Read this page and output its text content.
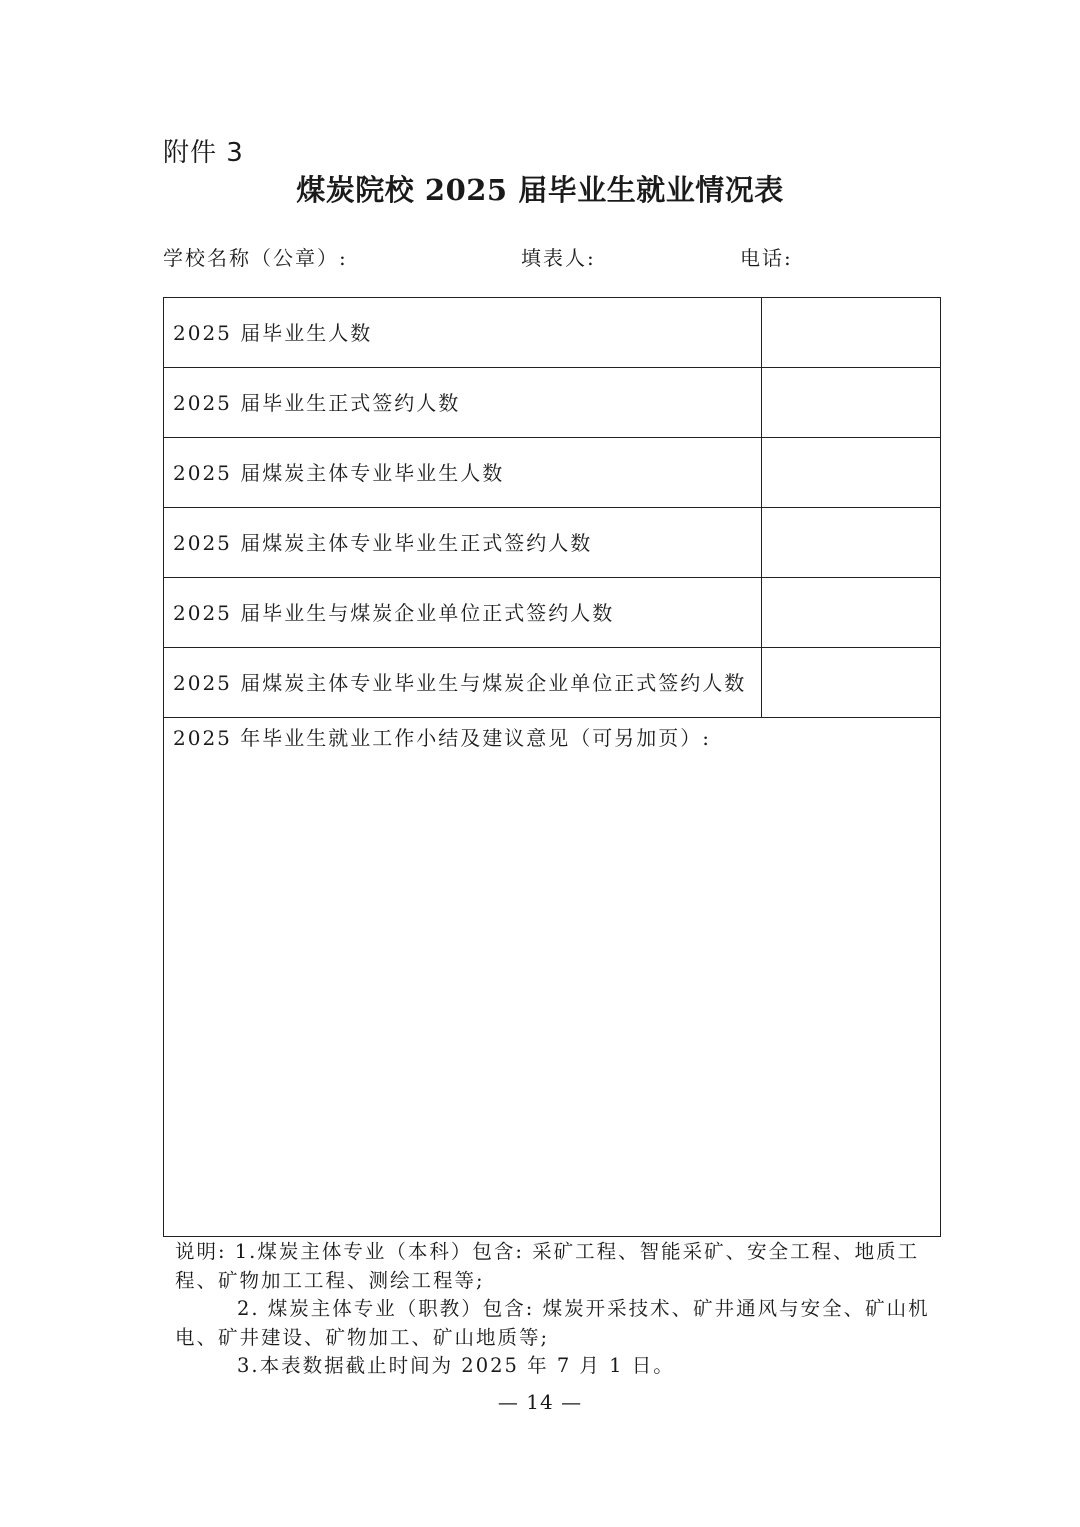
附件 3
煤炭院校 2025 届毕业生就业情况表
学校名称（公章）:	填表人:	电话:
2025 届毕业生人数
2025 届毕业生正式签约人数
2025 届煤炭主体专业毕业生人数
2025 届煤炭主体专业毕业生正式签约人数
2025 届毕业生与煤炭企业单位正式签约人数
2025 届煤炭主体专业毕业生与煤炭企业单位正式签约人数
2025 年毕业生就业工作小结及建议意见（可另加页）:

说明: 1.煤炭主体专业（本科）包含: 采矿工程、智能采矿、安全工程、地质工

程、矿物加工工程、测绘工程等;

2. 煤炭主体专业（职教）包含: 煤炭开采技术、矿井通风与安全、矿山机

电、矿井建设、矿物加工、矿山地质等;

3.本表数据截止时间为 2025 年 7 月 1 日。

— 14 —
